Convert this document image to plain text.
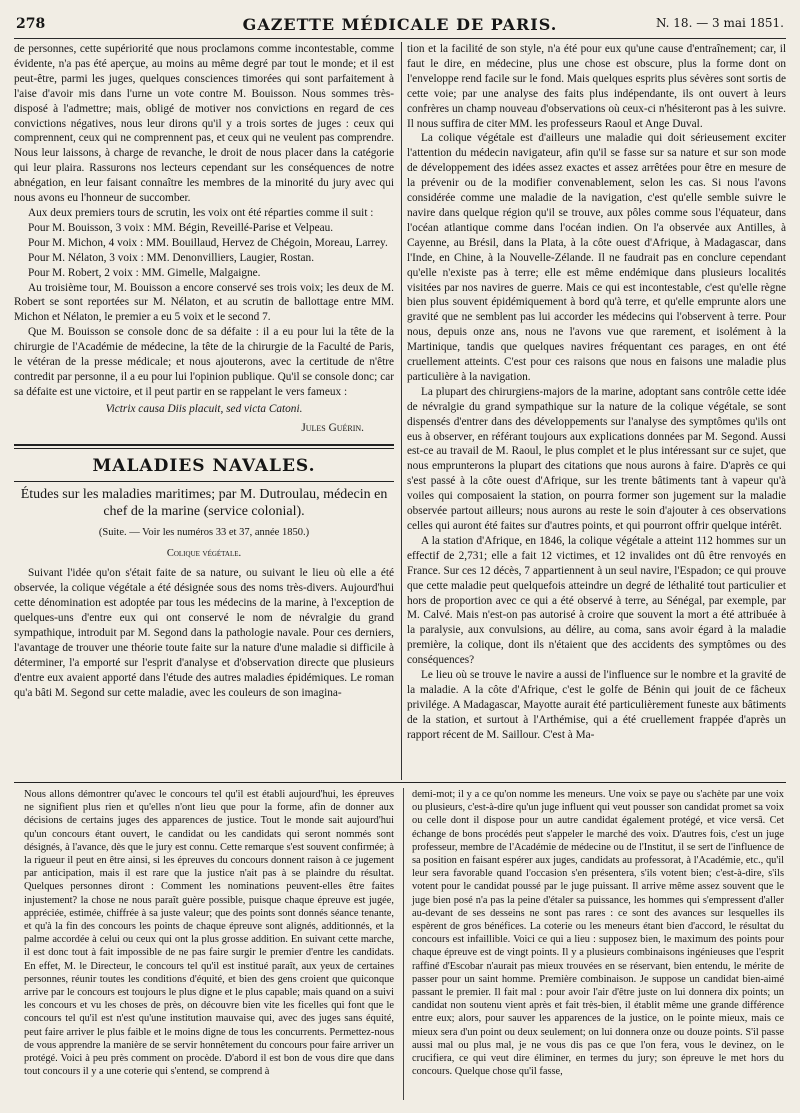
278	GAZETTE MÉDICALE DE PARIS.	N. 18. — 3 mai 1851.

de personnes, cette supériorité que nous proclamons comme incontestable, comme évidente, n'a pas été aperçue, au moins au même degré par tout le monde; et il est peut-être, parmi les juges, quelques consciences timorées qui sont parfaitement à l'aise d'avoir mis dans l'urne un vote contre M. Bouisson. Nous sommes très-disposé à l'admettre; mais, obligé de motiver nos convictions en regard de ces convictions négatives, nous leur dirons qu'il y a trois sortes de juges : ceux qui comprennent, ceux qui ne comprennent pas, et ceux qui ne veulent pas comprendre. Nous leur laissons, à charge de revanche, le droit de nous placer dans la catégorie qui leur plaira. Rassurons nos lecteurs cependant sur les conséquences de notre abnégation, en leur faisant connaître les membres de la minorité du jury avec qui nous avons eu l'honneur de succomber.

Aux deux premiers tours de scrutin, les voix ont été réparties comme il suit :

Pour M. Bouisson, 3 voix : MM. Bégin, Reveillé-Parise et Velpeau.

Pour M. Michon, 4 voix : MM. Bouillaud, Hervez de Chégoin, Moreau, Larrey.

Pour M. Nélaton, 3 voix : MM. Denonvilliers, Laugier, Rostan.

Pour M. Robert, 2 voix : MM. Gimelle, Malgaigne.

Au troisième tour, M. Bouisson a encore conservé ses trois voix; les deux de M. Robert se sont reportées sur M. Nélaton, et au scrutin de ballottage entre MM. Michon et Nélaton, le premier a eu 5 voix et le second 7.

Que M. Bouisson se console donc de sa défaite : il a eu pour lui la tête de la chirurgie de l'Académie de médecine, la tête de la chirurgie de la Faculté de Paris, le vétéran de la presse médicale; et nous ajouterons, avec la certitude de n'être contredit par personne, il a eu pour lui l'opinion publique. Qu'il se console donc; car sa défaite est une victoire, et il peut partir en se rappelant le vers fameux :

Victrix causa Diis placuit, sed victa Catoni.
Jules Guérin.
MALADIES NAVALES.
Études sur les maladies maritimes; par M. Dutroulau, médecin en chef de la marine (service colonial).
(Suite. — Voir les numéros 33 et 37, année 1850.)
Colique végétale.

Suivant l'idée qu'on s'était faite de sa nature, ou suivant le lieu où elle a été observée, la colique végétale a été désignée sous des noms très-divers. Aujourd'hui cette dénomination est adoptée par tous les médecins de la marine, à l'exception de quelques-uns d'entre eux qui ont conservé le nom de névralgie du grand sympathique, introduit par M. Segond dans la pathologie navale. Pour ces derniers, l'avantage de trouver une théorie toute faite sur la nature d'une maladie si difficile à déterminer, l'a emporté sur l'esprit d'analyse et d'observation directe que plusieurs d'entre eux avaient apporté dans l'étude des autres maladies épidémiques. Le roman qu'a bâti M. Segond sur cette maladie, avec les couleurs de son imagina-

tion et la facilité de son style, n'a été pour eux qu'une cause d'entraînement; car, il faut le dire, en médecine, plus une chose est obscure, plus la forme dont on l'enveloppe rend facile sur le fond. Mais quelques esprits plus sévères sont sortis de cette voie; par une analyse des faits plus indépendante, ils ont ouvert à leurs confrères un champ nouveau d'observations où ceux-ci n'hésiteront pas à les suivre. Il nous suffira de citer MM. les professeurs Raoul et Ange Duval.

La colique végétale est d'ailleurs une maladie qui doit sérieusement exciter l'attention du médecin navigateur, afin qu'il se fasse sur sa nature et sur son mode de développement des idées assez exactes et assez arrêtées pour être en mesure de la prévenir ou de la modifier convenablement, selon les cas. Si nous l'avons considérée comme une maladie de la navigation, c'est qu'elle semble suivre le navire dans quelque région qu'il se trouve, aux pôles comme sous l'équateur, dans l'océan atlantique comme dans l'océan indien. On l'a observée aux Antilles, à Cayenne, au Brésil, dans la Plata, à la côte ouest d'Afrique, à Madagascar, dans l'Inde, en Chine, à la Nouvelle-Zélande. Il ne faudrait pas en conclure cependant qu'elle n'existe pas à terre; elle est même endémique dans plusieurs localités visitées par nos navires de guerre. Mais ce qui est incontestable, c'est qu'elle règne bien plus souvent épidémiquement à bord qu'à terre, et qu'elle emprunte alors une gravité que ne semblent pas lui accorder les médecins qui l'observent à terre. Pour nous, depuis onze ans, nous ne l'avons vue que rarement, et isolément à la Martinique, tandis que quelques navires fréquentant ces parages, en ont été cruellement atteints. C'est pour ces raisons que nous en faisons une maladie plus particulière à la navigation.

La plupart des chirurgiens-majors de la marine, adoptant sans contrôle cette idée de névralgie du grand sympathique sur la nature de la colique végétale, se sont dispensés d'entrer dans des développements sur l'analyse des symptômes qu'ils ont eus à observer, en référant toujours aux explications données par M. Segond. Aussi est-ce au travail de M. Raoul, le plus complet et le plus intéressant sur ce sujet, que nous emprunterons la plupart des citations que nous aurons à faire. D'après ce qui s'est passé à la côte ouest d'Afrique, sur les trente bâtiments tant à vapeur qu'à voiles qui composaient la station, on pourra former son jugement sur la maladie observée partout ailleurs; nous aurons au reste le soin d'ajouter à ces observations celles qui auront été faites sur d'autres points, et qui pourront offrir quelque intérêt.

A la station d'Afrique, en 1846, la colique végétale a atteint 112 hommes sur un effectif de 2,731; elle a fait 12 victimes, et 12 invalides ont dû être renvoyés en France. Sur ces 12 décès, 7 appartiennent à un seul navire, l'Espadon; ce qui prouve que cette maladie peut quelquefois atteindre un degré de léthalité tout particulier et hors de proportion avec ce qui a été observé à terre, au Sénégal, par exemple, par M. Calvé. Mais n'est-on pas autorisé à croire que souvent la mort a été attribuée à la paralysie, aux convulsions, au délire, au coma, sans avoir égard à la maladie première, la colique, dont ils n'étaient que des accidents des symptômes ou des conséquences?

Le lieu où se trouve le navire a aussi de l'influence sur le nombre et la gravité de la maladie. A la côte d'Afrique, c'est le golfe de Bénin qui jouit de ce fâcheux privilége. A Madagascar, Mayotte aurait été particulièrement funeste aux bâtiments de la station, et surtout à l'Arthémise, qui a été cruellement frappée d'après un rapport récent de M. Saillour. C'est à Ma-

Nous allons démontrer qu'avec le concours tel qu'il est établi aujourd'hui, les épreuves ne signifient plus rien et qu'elles n'ont lieu que pour la forme, afin de donner aux décisions de certains juges des apparences de justice. Tout le monde sait aujourd'hui qu'un concours étant ouvert, le candidat ou les candidats qui seront nommés sont désignés, à l'avance, dès que le jury est connu. Cette remarque s'est souvent confirmée; à la rigueur il peut en être ainsi, si les épreuves du concours donnent raison à ce jugement par anticipation, mais il est rare que la justice n'ait pas à se plaindre du résultat. Quelques personnes diront : Comment les nominations peuvent-elles être faites injustement? la chose ne nous paraît guère possible, puisque chaque épreuve est jugée, appréciée, estimée, chiffrée à sa juste valeur; que des points sont donnés séance tenante, et qu'à la fin des concours les points de chaque épreuve sont alignés, additionnés, et la palme accordée à celui ou ceux qui ont la plus grosse addition. En suivant cette marche, il est donc tout à fait impossible de ne pas faire surgir le premier d'entre les candidats. En effet, M. le Directeur, le concours tel qu'il est institué paraît, aux yeux de certaines personnes, réunir toutes les conditions d'équité, et bien des gens croient que quiconque arrive par le concours est toujours le plus digne et le plus capable; mais quand on a suivi les concours et vu les choses de près, on découvre bien vite les ficelles qui font que le concours tel qu'il est n'est qu'une institution mauvaise qui, avec des juges sans équité, peut faire arriver le plus faible et le moins digne de tous les concurrents. Permettez-nous de vous apprendre la manière de se servir honnêtement du concours pour faire arriver un protégé. Voici à peu près comment on procède. D'abord il est bon de vous dire que dans tout concours il y a une coterie qui s'entend, se comprend à
demi-mot; il y a ce qu'on nomme les meneurs. Une voix se paye ou s'achète par une voix ou plusieurs, c'est-à-dire qu'un juge influent qui veut pousser son candidat promet sa voix ou celle dont il dispose pour un autre candidat également protégé, et vice versâ. Cet échange de bons procédés peut s'appeler le marché des voix. D'autres fois, c'est un juge professeur, membre de l'Académie de médecine ou de l'Institut, il se sert de l'influence de sa position en faisant espérer aux juges, candidats au professorat, à l'Académie, etc., qu'il leur sera favorable quand l'occasion s'en présentera, s'ils votent bien; c'est-à-dire, s'ils votent pour le candidat poussé par le juge puissant. Il arrive même assez souvent que le juge bien posé n'a pas la peine d'étaler sa puissance, les hommes qui s'empressent d'aller au-devant de ses desseins ne sont pas rares : ce sont des avances sur lesquelles ils espèrent de gros bénéfices. La coterie ou les meneurs étant bien d'accord, le résultat du concours est infaillible. Voici ce qui a lieu : supposez bien, le maximum des points pour chaque épreuve est de vingt points. Il y a plusieurs combinaisons ingénieuses que l'esprit raffiné d'Escobar n'aurait pas mieux trouvées en se réservant, bien entendu, le mérite de passer pour un saint homme. Première combinaison. Je suppose un candidat bien-aimé passant le premier. Il fait mal : pour avoir l'air d'être juste on lui donnera dix points; un candidat non soutenu vient après et fait très-bien, il établit même une grande différence entre eux; alors, pour sauver les apparences de la justice, on le pointe mieux, mais ce mieux sera d'un point ou deux seulement; on lui donnera onze ou douze points. S'il passe aussi mal ou plus mal, je ne vous dis pas ce que l'on fera, vous le devinez, on le crucifiera, ce qui veut dire éliminer, en termes du jury; son épreuve le met hors du concours. Quelque chose qu'il fasse,
